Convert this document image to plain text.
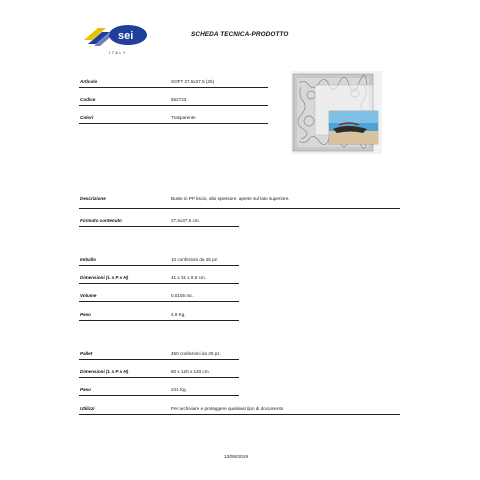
sei
ITALY
SCHEDA TECNICA-PRODOTTO
Articolo	SOFT 27,5x37,5 (25)
Codice	652723
Colori	Trasparente
Descrizione	Buste in PP liscio, alto spessore, aperte sul lato superiore.
Formato contenuto	27,5x37,5 cm.
Imballo	10 confezioni da 25 pz.
Dimensioni (L x P x H)	41 x 31 x 9,5 cm.
Volume	0,0155 mc.
Peso	4,9 Kg.
Pallet	450 confezioni da 25 pz.
Dimensioni (L x P x H)	80 x 120 x 120 cm.
Peso	241 Kg.
Utilizzi	Per archiviare e proteggere qualsiasi tipo di documento
13/06/2019
